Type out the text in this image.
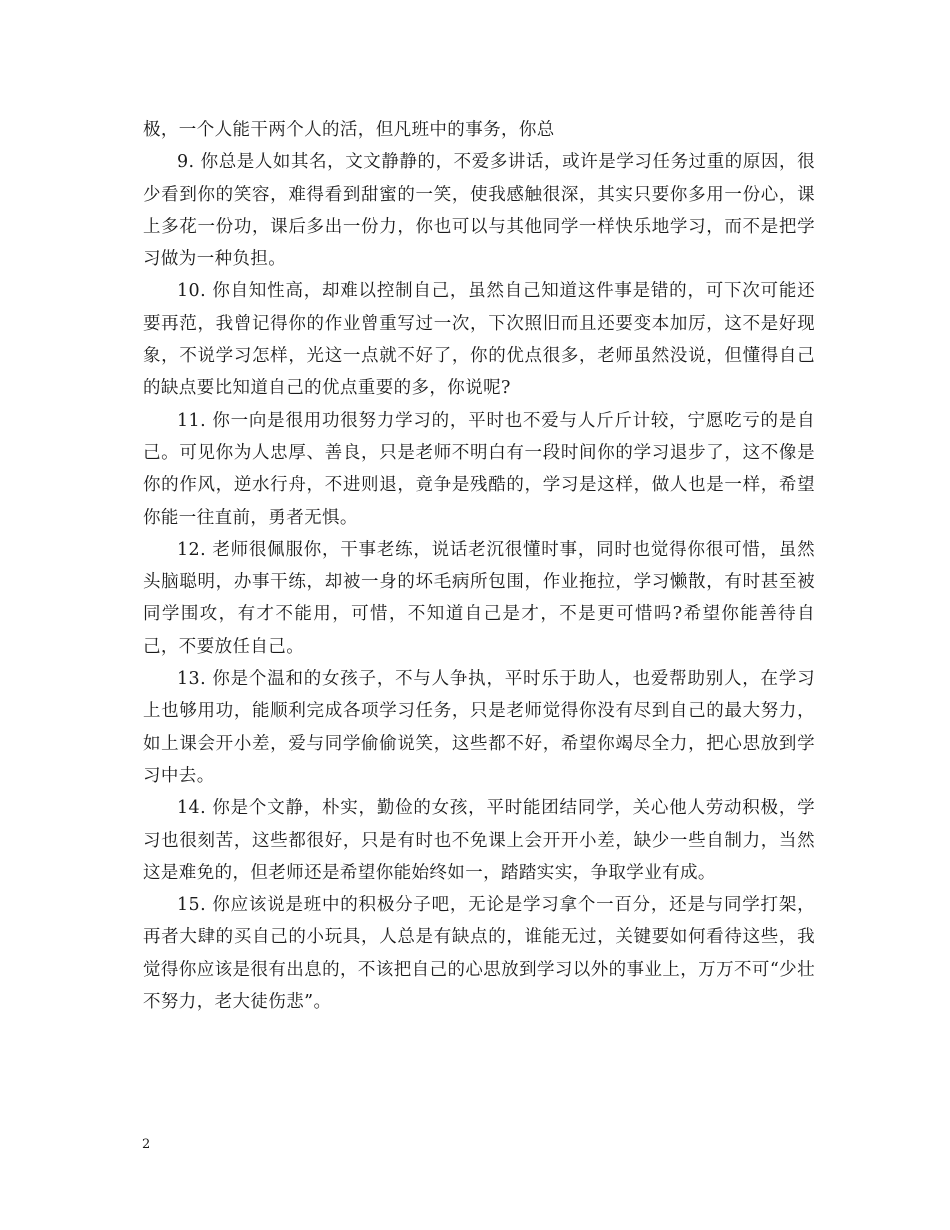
极，一个人能干两个人的活，但凡班中的事务，你总

9. 你总是人如其名，文文静静的，不爱多讲话，或许是学习任务过重的原因，很少看到你的笑容，难得看到甜蜜的一笑，使我感触很深，其实只要你多用一份心，课上多花一份功，课后多出一份力，你也可以与其他同学一样快乐地学习，而不是把学习做为一种负担。

10. 你自知性高，却难以控制自己，虽然自己知道这件事是错的，可下次可能还要再范，我曾记得你的作业曾重写过一次，下次照旧而且还要变本加厉，这不是好现象，不说学习怎样，光这一点就不好了，你的优点很多，老师虽然没说，但懂得自己的缺点要比知道自己的优点重要的多，你说呢?

11. 你一向是很用功很努力学习的，平时也不爱与人斤斤计较，宁愿吃亏的是自己。可见你为人忠厚、善良，只是老师不明白有一段时间你的学习退步了，这不像是你的作风，逆水行舟，不进则退，竟争是残酷的，学习是这样，做人也是一样，希望你能一往直前，勇者无惧。

12. 老师很佩服你，干事老练，说话老沉很懂时事，同时也觉得你很可惜，虽然头脑聪明，办事干练，却被一身的坏毛病所包围，作业拖拉，学习懒散，有时甚至被同学围攻，有才不能用，可惜，不知道自己是才，不是更可惜吗?希望你能善待自己，不要放任自己。

13. 你是个温和的女孩子，不与人争执，平时乐于助人，也爱帮助别人，在学习上也够用功，能顺利完成各项学习任务，只是老师觉得你没有尽到自己的最大努力，如上课会开小差，爱与同学偷偷说笑，这些都不好，希望你竭尽全力，把心思放到学习中去。

14. 你是个文静，朴实，勤俭的女孩，平时能团结同学，关心他人劳动积极，学习也很刻苦，这些都很好，只是有时也不免课上会开开小差，缺少一些自制力，当然这是难免的，但老师还是希望你能始终如一，踏踏实实，争取学业有成。

15. 你应该说是班中的积极分子吧，无论是学习拿个一百分，还是与同学打架，再者大肆的买自己的小玩具，人总是有缺点的，谁能无过，关键要如何看待这些，我觉得你应该是很有出息的，不该把自己的心思放到学习以外的事业上，万万不可“少壮不努力，老大徒伤悲”。

2
